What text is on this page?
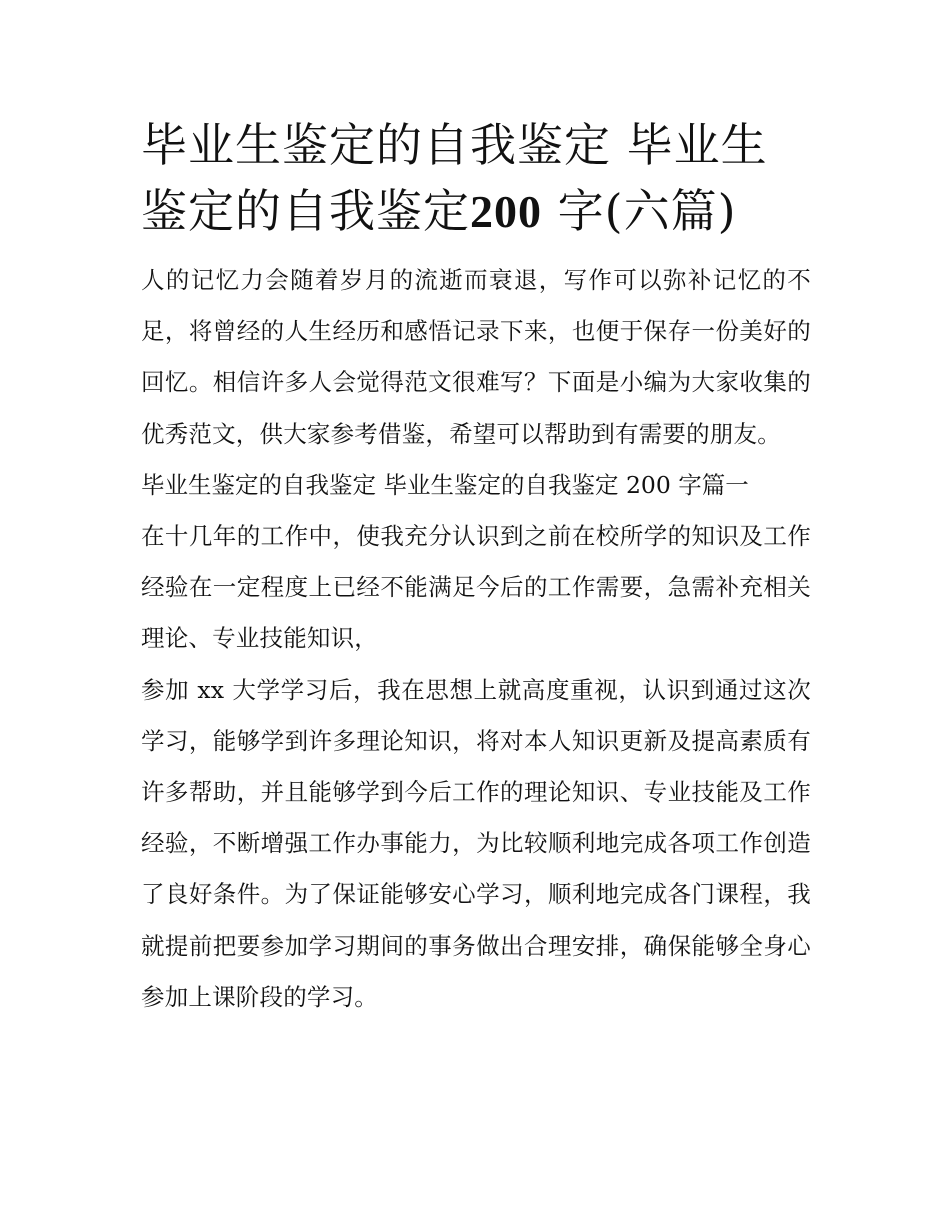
毕业生鉴定的自我鉴定 毕业生鉴定的自我鉴定200 字(六篇)

人的记忆力会随着岁月的流逝而衰退，写作可以弥补记忆的不足，将曾经的人生经历和感悟记录下来，也便于保存一份美好的回忆。相信许多人会觉得范文很难写？下面是小编为大家收集的优秀范文，供大家参考借鉴，希望可以帮助到有需要的朋友。

毕业生鉴定的自我鉴定 毕业生鉴定的自我鉴定 200 字篇一

在十几年的工作中，使我充分认识到之前在校所学的知识及工作经验在一定程度上已经不能满足今后的工作需要，急需补充相关理论、专业技能知识，

参加 xx 大学学习后，我在思想上就高度重视，认识到通过这次学习，能够学到许多理论知识，将对本人知识更新及提高素质有许多帮助，并且能够学到今后工作的理论知识、专业技能及工作经验，不断增强工作办事能力，为比较顺利地完成各项工作创造了良好条件。为了保证能够安心学习，顺利地完成各门课程，我就提前把要参加学习期间的事务做出合理安排，确保能够全身心参加上课阶段的学习。
